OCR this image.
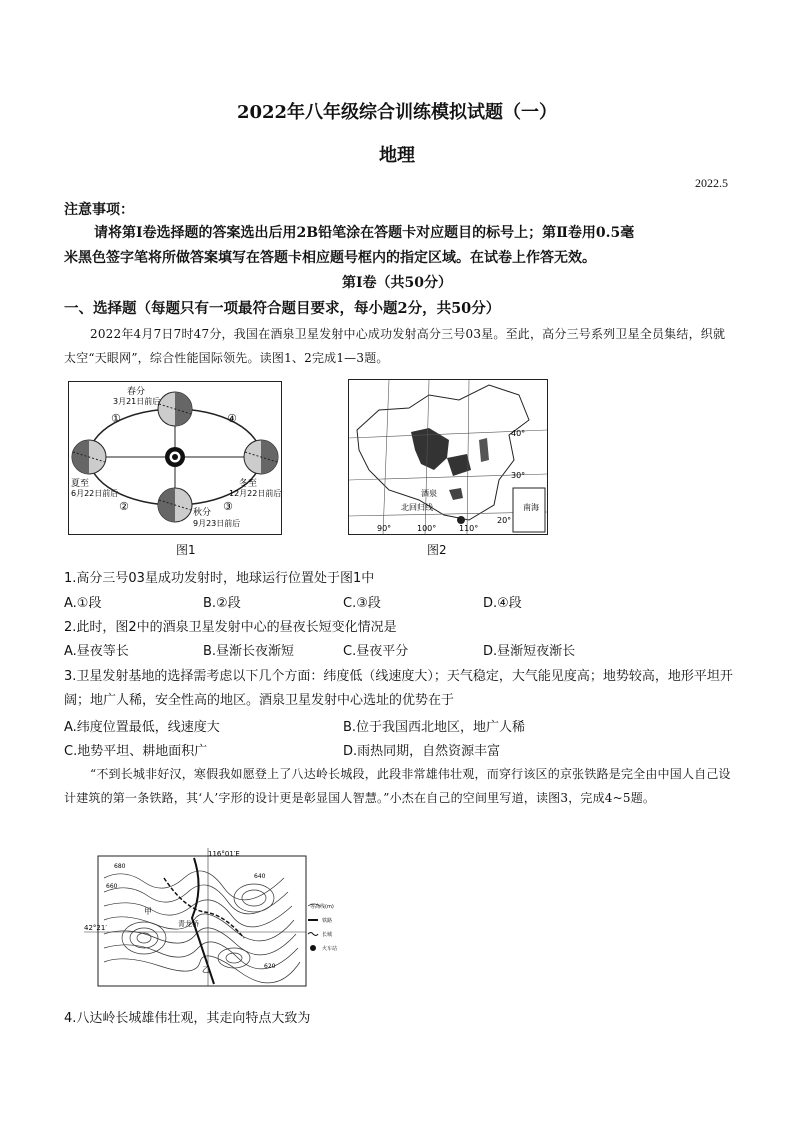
2022年八年级综合训练模拟试题（一）
地理
2022.5
注意事项：
请将第Ⅰ卷选择题的答案选出后用2B铅笔涂在答题卡对应题目的标号上；第Ⅱ卷用0.5毫
米黑色签字笔将所做答案填写在答题卡相应题号框内的指定区域。在试卷上作答无效。
第Ⅰ卷（共50分）
一、选择题（每题只有一项最符合题目要求，每小题2分，共50分）
2022年4月7日7时47分，我国在酒泉卫星发射中心成功发射高分三号03星。至此，高分三号系列卫星全员集结，织就太空“天眼网”，综合性能国际领先。读图1、2完成1—3题。
春分
3月21日前后
夏至
6月22日前后
冬至
12月22日前后
秋分
9月23日前后
①
②	③
④
图1
南海
40°
30°
20°
90°	100°	110°
北回归线
酒泉
图2
1.高分三号03星成功发射时，地球运行位置处于图1中
A.①段	B.②段	C.③段	D.④段
2.此时，图2中的酒泉卫星发射中心的昼夜长短变化情况是
A.昼夜等长	B.昼渐长夜渐短	C.昼夜平分	D.昼渐短夜渐长
3.卫星发射基地的选择需考虑以下几个方面：纬度低（线速度大）；天气稳定，大气能见度高；地势较高，地形平坦开阔；地广人稀，安全性高的地区。酒泉卫星发射中心选址的优势在于
A.纬度位置最低，线速度大	B.位于我国西北地区，地广人稀
C.地势平坦、耕地面积广	D.雨热同期，自然资源丰富
“不到长城非好汉，寒假我如愿登上了八达岭长城段，此段非常雄伟壮观，而穿行该区的京张铁路是完全由中国人自己设计建筑的第一条铁路，其‘人’字形的设计更是彰显国人智慧。”小杰在自己的空间里写道，读图3，完成4~5题。
116°01′E
42°21′
680
660
640
620
青龙桥
甲
乙
等高线(m)
铁路
长城
火车站
4.八达岭长城雄伟壮观，其走向特点大致为
